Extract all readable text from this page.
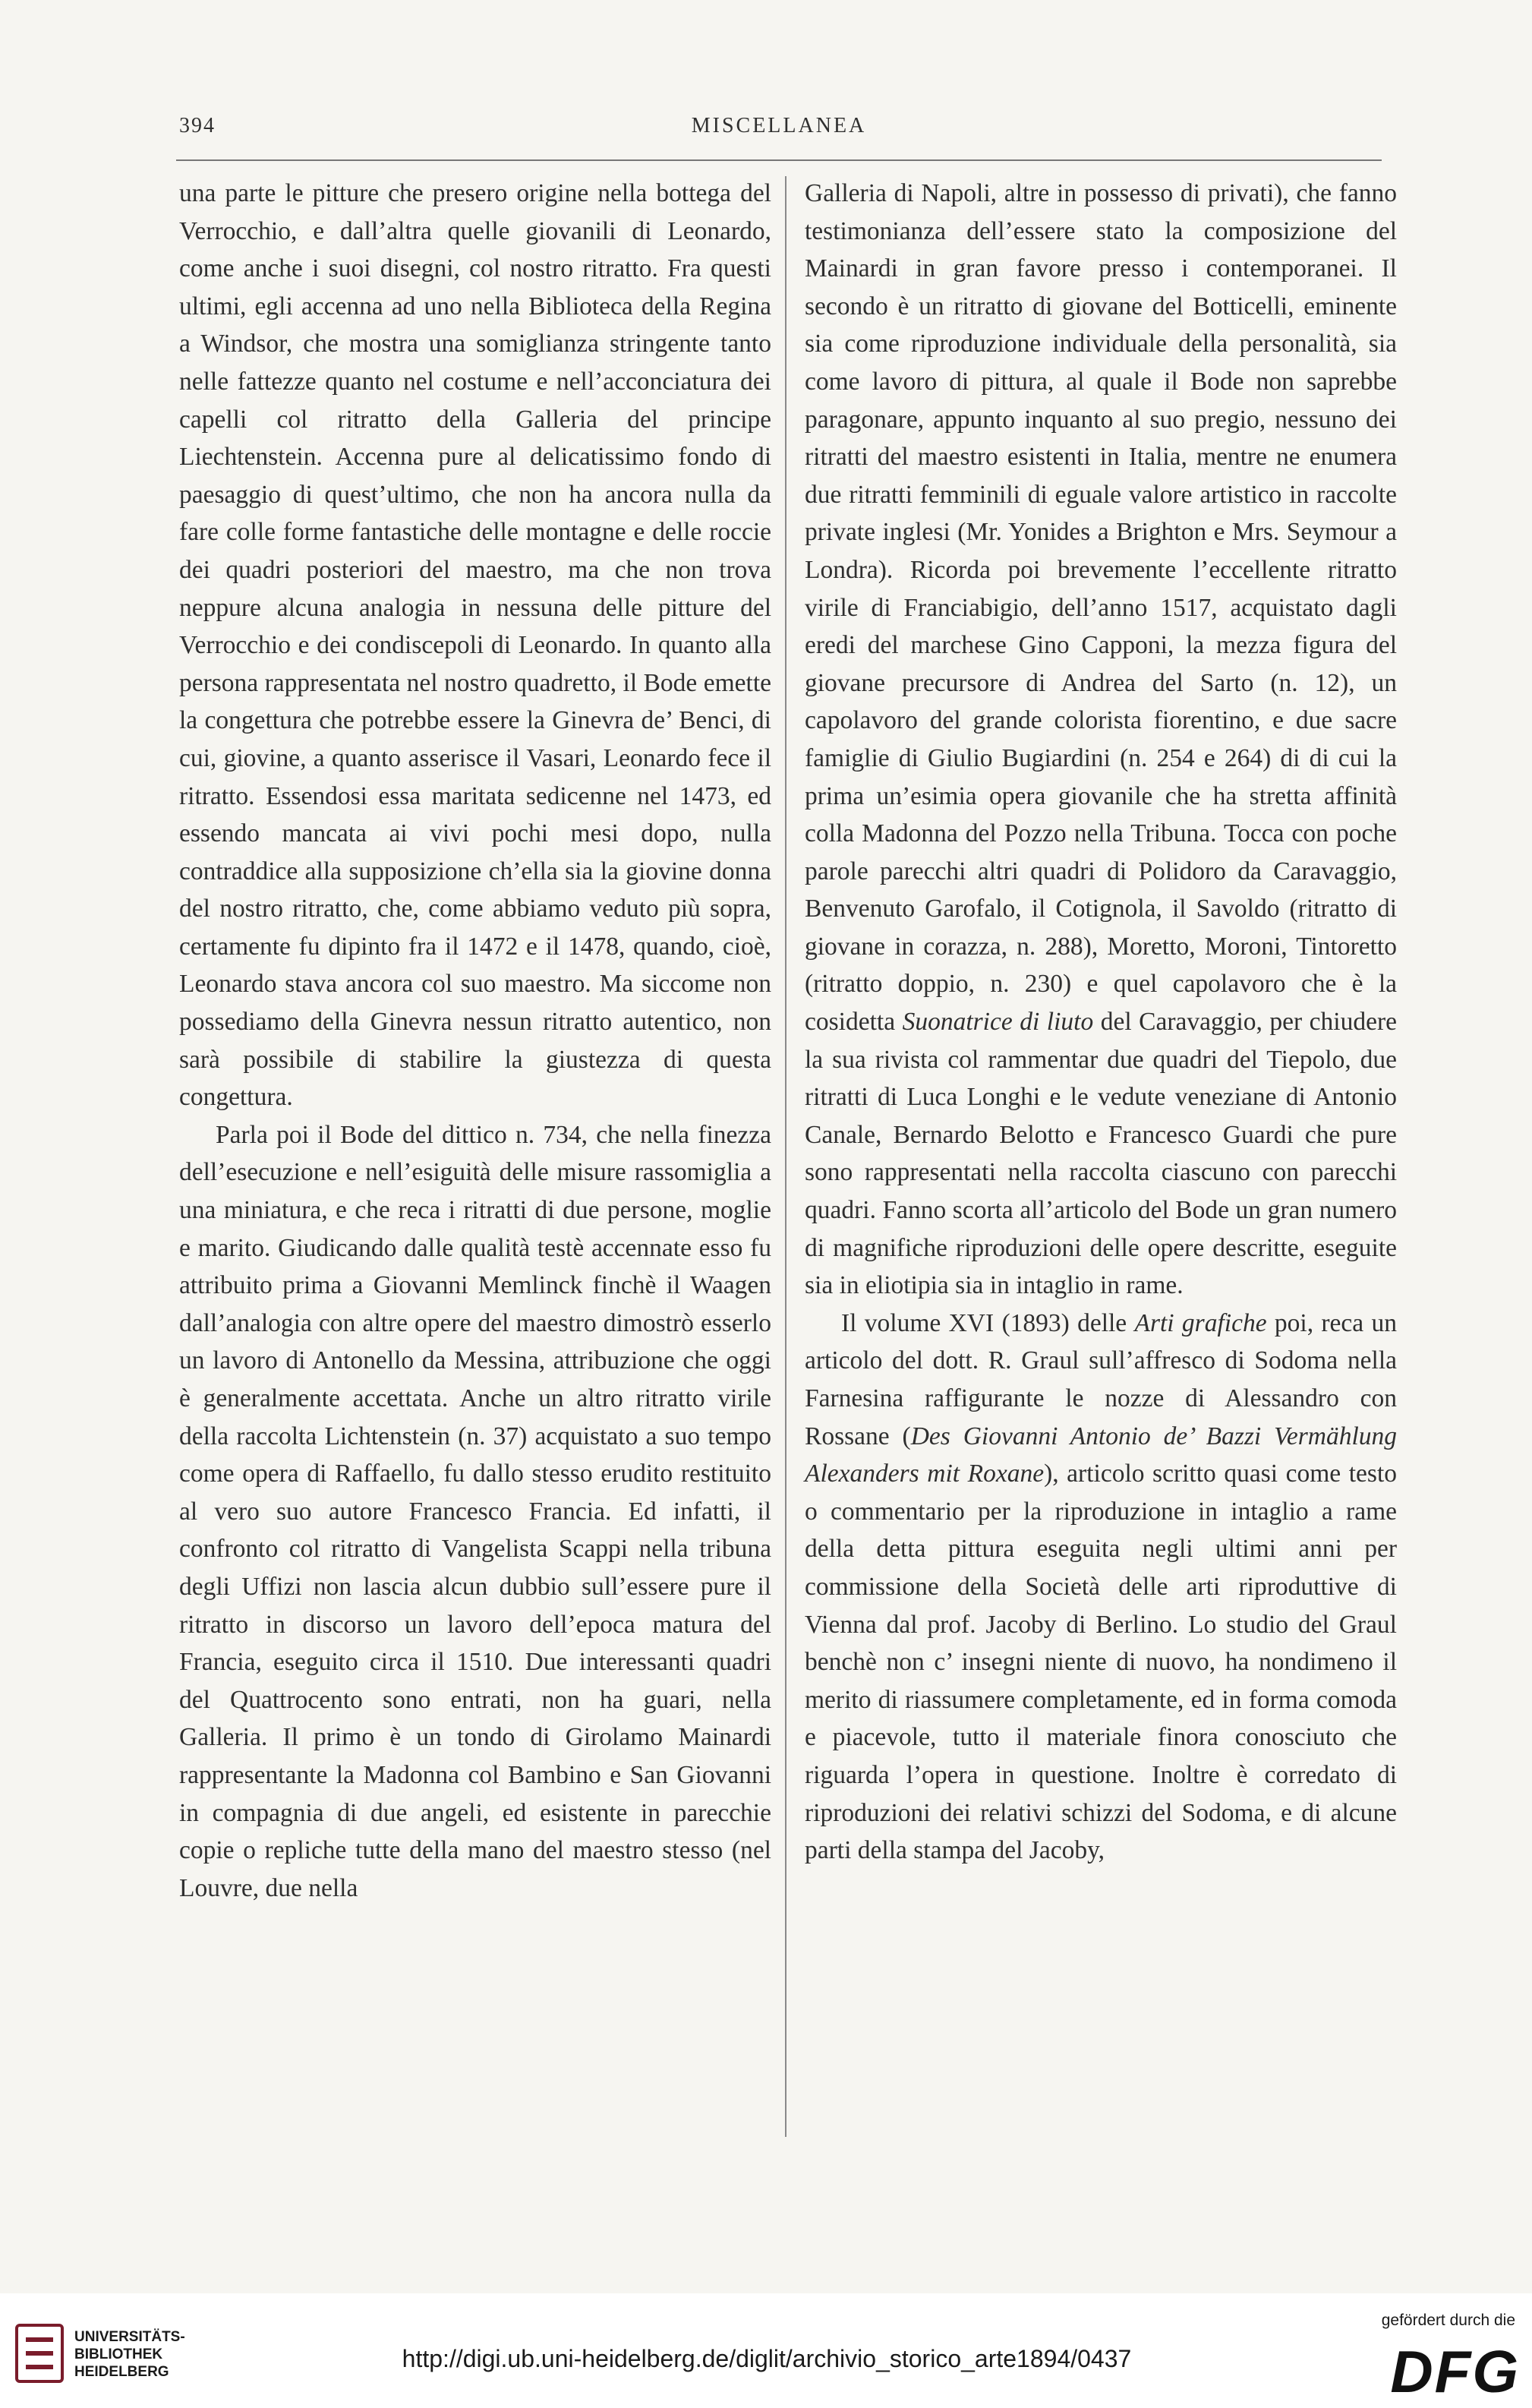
394	MISCELLANEA

una parte le pitture che presero origine nella bottega del Verrocchio, e dall’altra quelle giovanili di Leonardo, come anche i suoi disegni, col nostro ritratto. Fra questi ultimi, egli accenna ad uno nella Biblioteca della Regina a Windsor, che mostra una somiglianza stringente tanto nelle fattezze quanto nel costume e nell’acconciatura dei capelli col ritratto della Galleria del principe Liechtenstein. Accenna pure al delicatissimo fondo di paesaggio di quest’ultimo, che non ha ancora nulla da fare colle forme fantastiche delle montagne e delle roccie dei quadri posteriori del maestro, ma che non trova neppure alcuna analogia in nessuna delle pitture del Verrocchio e dei condiscepoli di Leonardo. In quanto alla persona rappresentata nel nostro quadretto, il Bode emette la congettura che potrebbe essere la Ginevra de’ Benci, di cui, giovine, a quanto asserisce il Vasari, Leonardo fece il ritratto. Essendosi essa maritata sedicenne nel 1473, ed essendo mancata ai vivi pochi mesi dopo, nulla contraddice alla supposizione ch’ella sia la giovine donna del nostro ritratto, che, come abbiamo veduto più sopra, certamente fu dipinto fra il 1472 e il 1478, quando, cioè, Leonardo stava ancora col suo maestro. Ma siccome non possediamo della Ginevra nessun ritratto autentico, non sarà possibile di stabilire la giustezza di questa congettura.

Parla poi il Bode del dittico n. 734, che nella finezza dell’esecuzione e nell’esiguità delle misure rassomiglia a una miniatura, e che reca i ritratti di due persone, moglie e marito. Giudicando dalle qualità testè accennate esso fu attribuito prima a Giovanni Memlinck finchè il Waagen dall’analogia con altre opere del maestro dimostrò esserlo un lavoro di Antonello da Messina, attribuzione che oggi è generalmente accettata. Anche un altro ritratto virile della raccolta Lichtenstein (n. 37) acquistato a suo tempo come opera di Raffaello, fu dallo stesso erudito restituito al vero suo autore Francesco Francia. Ed infatti, il confronto col ritratto di Vangelista Scappi nella tribuna degli Uffizi non lascia alcun dubbio sull’essere pure il ritratto in discorso un lavoro dell’epoca matura del Francia, eseguito circa il 1510. Due interessanti quadri del Quattrocento sono entrati, non ha guari, nella Galleria. Il primo è un tondo di Girolamo Mainardi rappresentante la Madonna col Bambino e San Giovanni in compagnia di due angeli, ed esistente in parecchie copie o repliche tutte della mano del maestro stesso (nel Louvre, due nella

Galleria di Napoli, altre in possesso di privati), che fanno testimonianza dell’essere stato la composizione del Mainardi in gran favore presso i contemporanei. Il secondo è un ritratto di giovane del Botticelli, eminente sia come riproduzione individuale della personalità, sia come lavoro di pittura, al quale il Bode non saprebbe paragonare, appunto inquanto al suo pregio, nessuno dei ritratti del maestro esistenti in Italia, mentre ne enumera due ritratti femminili di eguale valore artistico in raccolte private inglesi (Mr. Yonides a Brighton e Mrs. Seymour a Londra). Ricorda poi brevemente l’eccellente ritratto virile di Franciabigio, dell’anno 1517, acquistato dagli eredi del marchese Gino Capponi, la mezza figura del giovane precursore di Andrea del Sarto (n. 12), un capolavoro del grande colorista fiorentino, e due sacre famiglie di Giulio Bugiardini (n. 254 e 264) di di cui la prima un’esimia opera giovanile che ha stretta affinità colla Madonna del Pozzo nella Tribuna. Tocca con poche parole parecchi altri quadri di Polidoro da Caravaggio, Benvenuto Garofalo, il Cotignola, il Savoldo (ritratto di giovane in corazza, n. 288), Moretto, Moroni, Tintoretto (ritratto doppio, n. 230) e quel capolavoro che è la cosidetta Suonatrice di liuto del Caravaggio, per chiudere la sua rivista col rammentar due quadri del Tiepolo, due ritratti di Luca Longhi e le vedute veneziane di Antonio Canale, Bernardo Belotto e Francesco Guardi che pure sono rappresentati nella raccolta ciascuno con parecchi quadri. Fanno scorta all’articolo del Bode un gran numero di magnifiche riproduzioni delle opere descritte, eseguite sia in eliotipia sia in intaglio in rame.

Il volume XVI (1893) delle Arti grafiche poi, reca un articolo del dott. R. Graul sull’affresco di Sodoma nella Farnesina raffigurante le nozze di Alessandro con Rossane (Des Giovanni Antonio de’ Bazzi Vermählung Alexanders mit Roxane), articolo scritto quasi come testo o commentario per la riproduzione in intaglio a rame della detta pittura eseguita negli ultimi anni per commissione della Società delle arti riproduttive di Vienna dal prof. Jacoby di Berlino. Lo studio del Graul benchè non c’ insegni niente di nuovo, ha nondimeno il merito di riassumere completamente, ed in forma comoda e piacevole, tutto il materiale finora conosciuto che riguarda l’opera in questione. Inoltre è corredato di riproduzioni dei relativi schizzi del Sodoma, e di alcune parti della stampa del Jacoby,

UNIVERSITÄTS-
BIBLIOTHEK
HEIDELBERG	http://digi.ub.uni-heidelberg.de/diglit/archivio_storico_arte1894/0437
gefördert durch die
DFG
